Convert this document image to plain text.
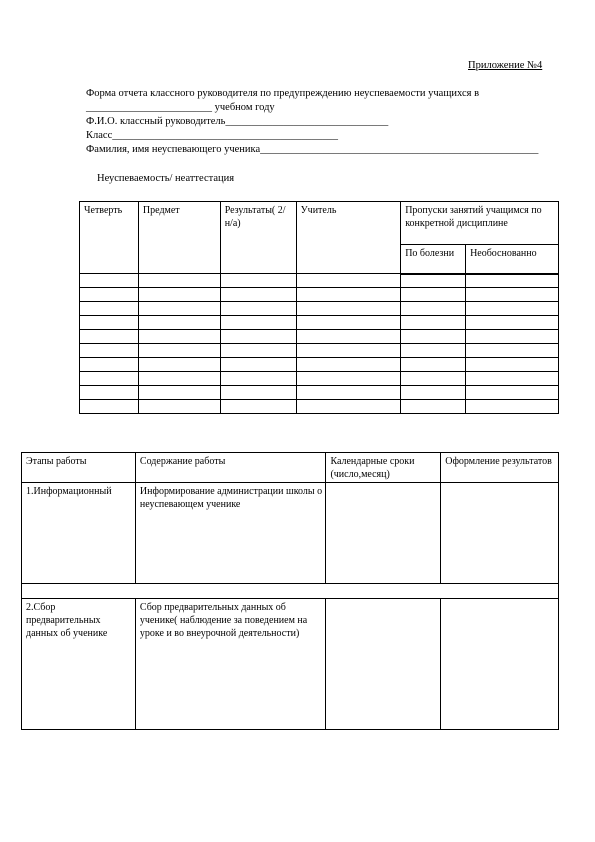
Приложение №4
Форма отчета классного руководителя по предупреждению неуспеваемости учащихся в
________________________ учебном году
Ф.И.О. классный руководитель_______________________________
Класс___________________________________________
Фамилия, имя неуспевающего ученика_____________________________________________________
Неуспеваемость/ неаттестация
Четверть	Предмет	Результаты( 2/ н/а)	Учитель	Пропуски занятий учащимся по конкретной дисциплине	

				По болезни	Необоснованно

Этапы работы	Содержание работы	Календарные сроки (число,месяц)	Оформление результатов

1.Информационный	Информирование администрации школы о неуспевающем ученике		

2.Сбор предварительных данных об ученике	Сбор предварительных данных об ученике( наблюдение за поведением на уроке и во внеурочной деятельности)		
